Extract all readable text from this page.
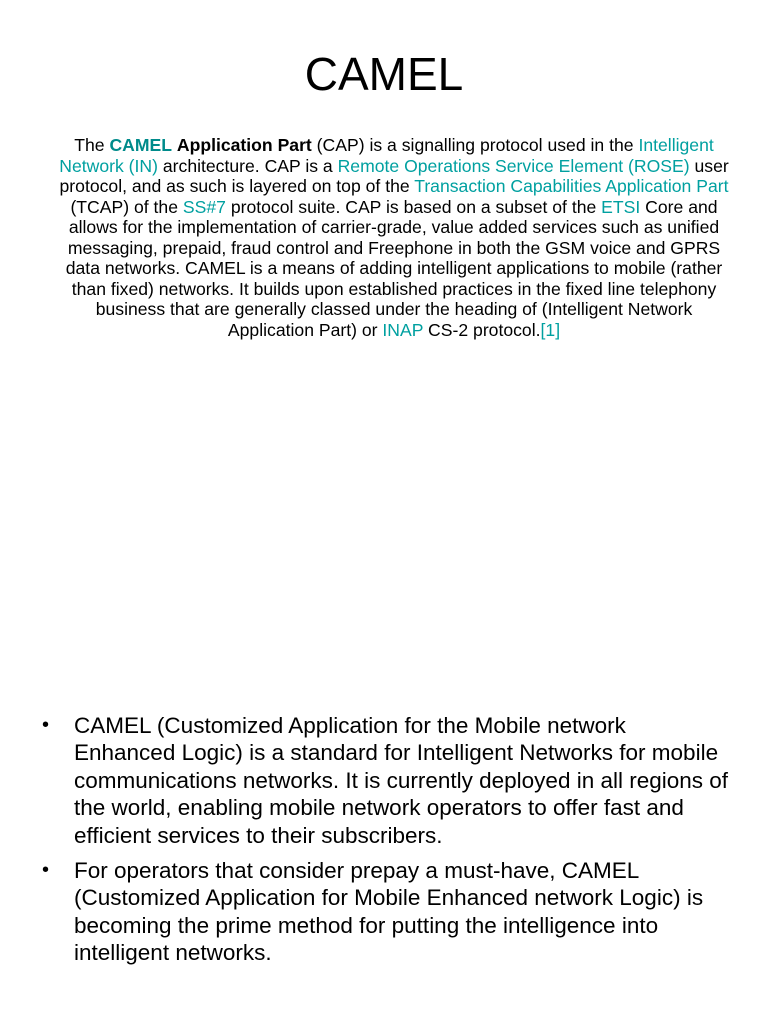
CAMEL

The CAMEL Application Part (CAP) is a signalling protocol used in the Intelligent Network (IN) architecture. CAP is a Remote Operations Service Element (ROSE) user protocol, and as such is layered on top of the Transaction Capabilities Application Part (TCAP) of the SS#7 protocol suite. CAP is based on a subset of the ETSI Core and allows for the implementation of carrier-grade, value added services such as unified messaging, prepaid, fraud control and Freephone in both the GSM voice and GPRS data networks. CAMEL is a means of adding intelligent applications to mobile (rather than fixed) networks. It builds upon established practices in the fixed line telephony business that are generally classed under the heading of (Intelligent Network Application Part) or INAP CS-2 protocol.[1]

• CAMEL (Customized Application for the Mobile network Enhanced Logic) is a standard for Intelligent Networks for mobile communications networks. It is currently deployed in all regions of the world, enabling mobile network operators to offer fast and efficient services to their subscribers.
• For operators that consider prepay a must-have, CAMEL (Customized Application for Mobile Enhanced network Logic) is becoming the prime method for putting the intelligence into intelligent networks.
